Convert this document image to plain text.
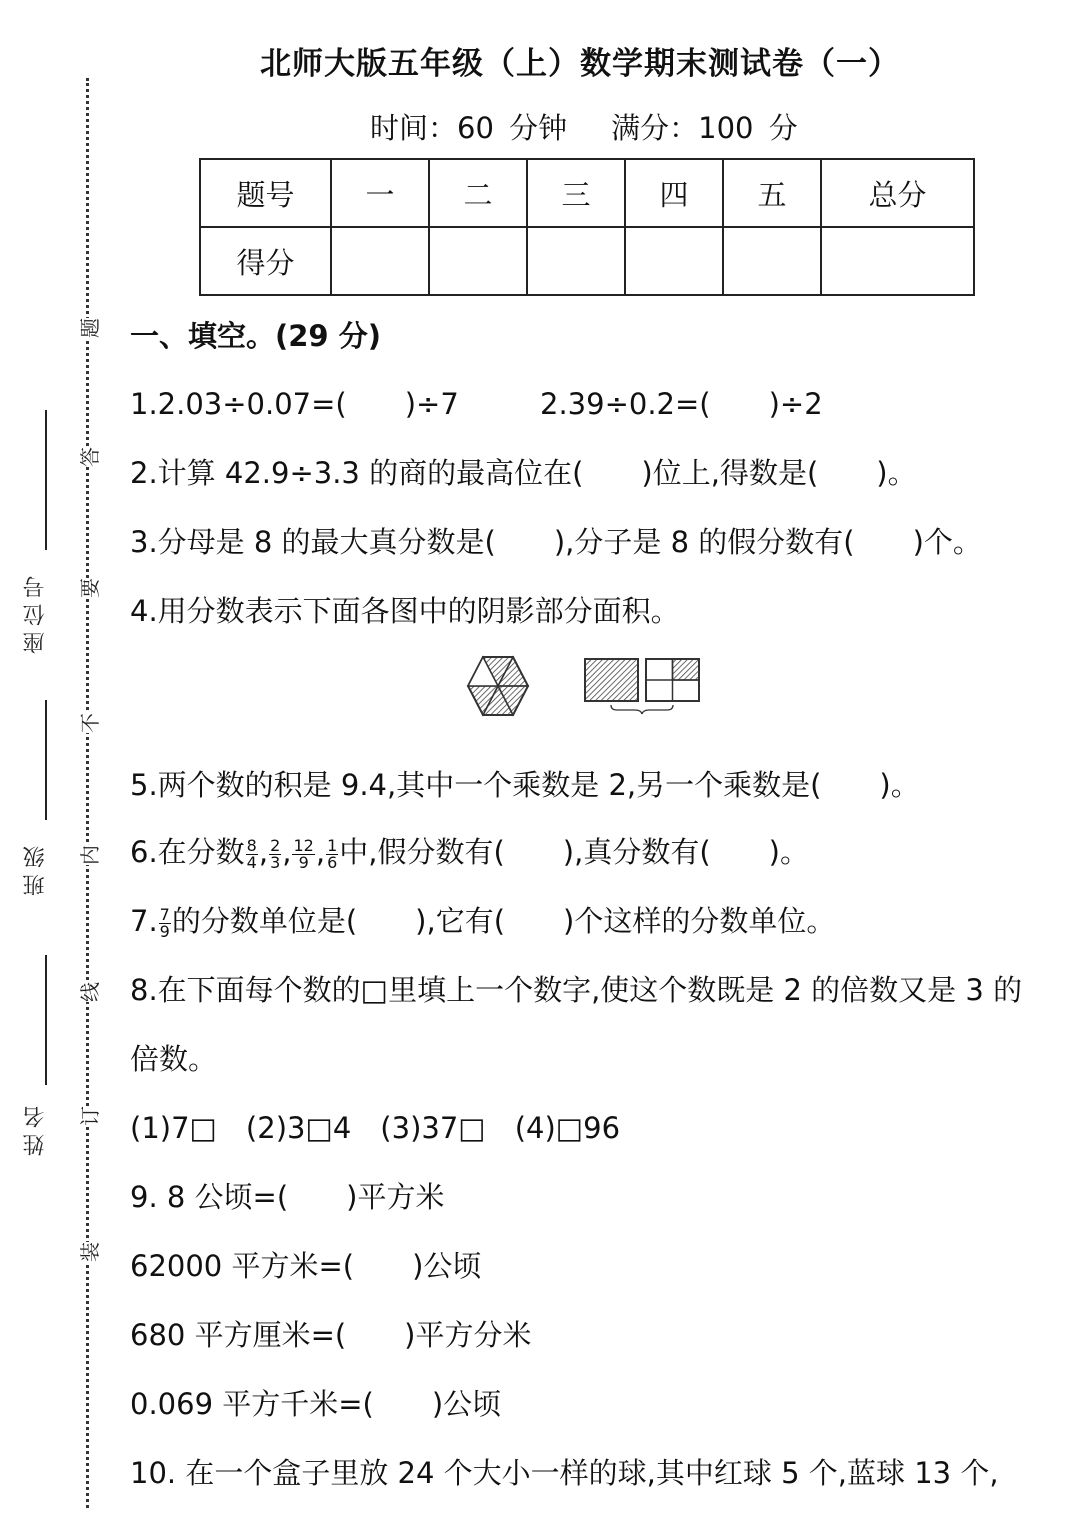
题
答
要
不
内
线
订
装
座位号
班级
姓名
北师大版五年级（上）数学期末测试卷（一）
时间：60 分钟 满分：100 分
题号	一	二	三	四	五	总分
得分						
一、填空。(29 分)
1.2.03÷0.07=(　　)÷7	2.39÷0.2=(　　)÷2
2.计算 42.9÷3.3 的商的最高位在(　　)位上,得数是(　　)。
3.分母是 8 的最大真分数是(　　),分子是 8 的假分数有(　　)个。
4.用分数表示下面各图中的阴影部分面积。
5.两个数的积是 9.4,其中一个乘数是 2,另一个乘数是(　　)。
6.在分数 $\frac{8}{4}$ , $\frac{2}{3}$ , $\frac{12}{9}$ , $\frac{1}{6}$ 中,假分数有(　　),真分数有(　　)。
7. $\frac{7}{9}$ 的分数单位是(　　),它有(　　)个这样的分数单位。
8.在下面每个数的□里填上一个数字,使这个数既是 2 的倍数又是 3 的
倍数。
(1)7□　(2)3□4　(3)37□　(4)□96
9. 8 公顷=(　　)平方米
62000 平方米=(　　)公顷
680 平方厘米=(　　)平方分米
0.069 平方千米=(　　)公顷
10. 在一个盒子里放 24 个大小一样的球,其中红球 5 个,蓝球 13 个,
